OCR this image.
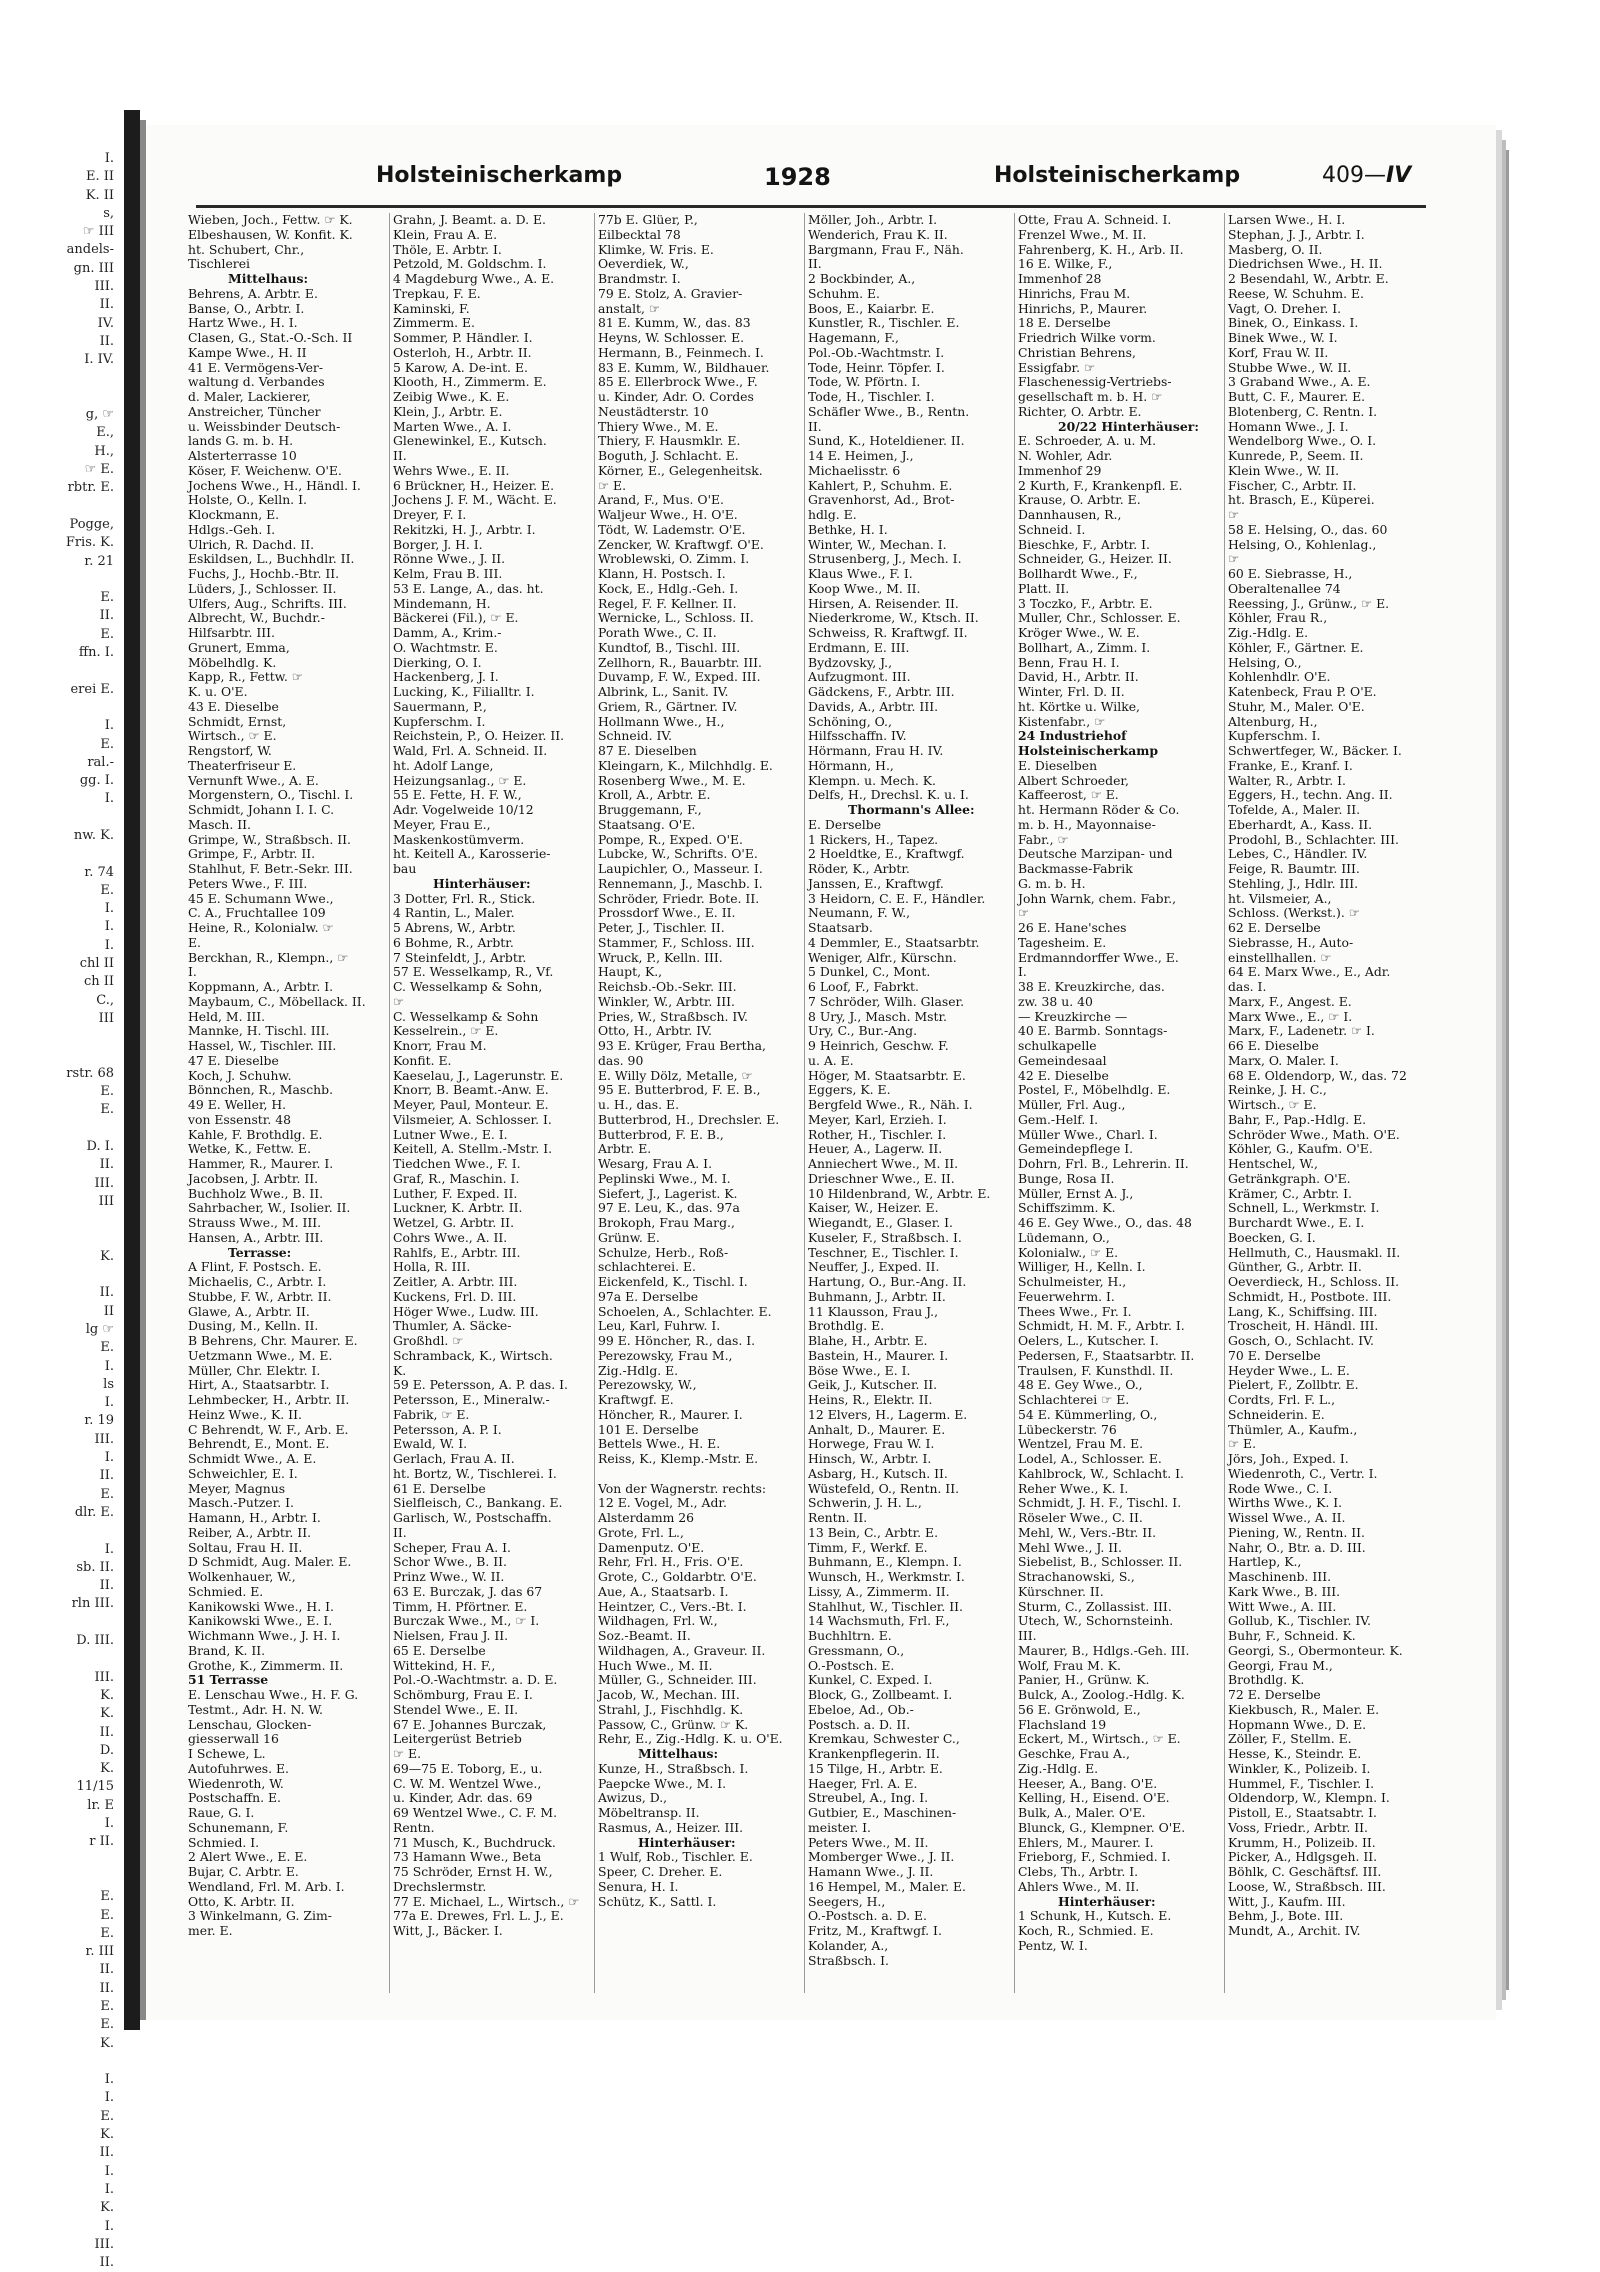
I.
E. II
K. II
s,
☞ III
andels-
gn. III
III.
II.
IV.
II.
I. IV.

g, ☞
E.,
H.,
☞ E.
rbtr. E.

Pogge,
Fris. K.
r. 21

E.
II.
E.
ffn. I.

erei E.

I.
E.
ral.-
gg. I.
I.

nw. K.

r. 74
E.
I.
I.
I.
chl II
ch II
C.,
III

rstr. 68
E.
E.

D. I.
II.
III.
III

K.

II.
II
lg ☞
E.
I.
ls
I.
r. 19
III.
I.
II.
E.
dlr. E.

I.
sb. II.
II.
rln III.

D. III.

III.
K.
K.
II.
D.
K.
11/15
lr. E
I.
r II.

E.
E.
E.
r. III
II.
II.
E.
E.
K.

I.
I.
E.
K.
II.
I.
I.
K.
I.
III.
II.
Holsteinischerkamp	1928	Holsteinischerkamp	409—IV
Wieben, Joch., Fettw. ☞ K.
Elbeshausen, W. Konfit. K.
ht. Schubert, Chr.,
Tischlerei
Mittelhaus:
Behrens, A. Arbtr. E.
Banse, O., Arbtr. I.
Hartz Wwe., H. I.
Clasen, G., Stat.-O.-Sch. II
Kampe Wwe., H. II
41 E. Vermögens-Ver-
waltung d. Verbandes
d. Maler, Lackierer,
Anstreicher, Tüncher
u. Weissbinder Deutsch-
lands G. m. b. H.
Alsterterrasse 10
Köser, F. Weichenw. O'E.
Jochens Wwe., H., Händl. I.
Holste, O., Kelln. I.
Klockmann, E.
Hdlgs.-Geh. I.
Ulrich, R. Dachd. II.
Eskildsen, L., Buchhdlr. II.
Fuchs, J., Hochb.-Btr. II.
Lüders, J., Schlosser. II.
Ulfers, Aug., Schrifts. III.
Albrecht, W., Buchdr.-
Hilfsarbtr. III.
Grunert, Emma,
Möbelhdlg. K.
Kapp, R., Fettw. ☞
K. u. O'E.
43 E. Dieselbe
Schmidt, Ernst,
Wirtsch., ☞ E.
Rengstorf, W.
Theaterfriseur E.
Vernunft Wwe., A. E.
Morgenstern, O., Tischl. I.
Schmidt, Johann I. I. C.
Masch. II.
Grimpe, W., Straßbsch. II.
Grimpe, F., Arbtr. II.
Stahlhut, F. Betr.-Sekr. III.
Peters Wwe., F. III.
45 E. Schumann Wwe.,
C. A., Fruchtallee 109
Heine, R., Kolonialw. ☞
E.
Berckhan, R., Klempn., ☞
I.
Koppmann, A., Arbtr. I.
Maybaum, C., Möbellack. II.
Held, M. III.
Mannke, H. Tischl. III.
Hassel, W., Tischler. III.
47 E. Dieselbe
Koch, J. Schuhw.
Bönnchen, R., Maschb.
49 E. Weller, H.
von Essenstr. 48
Kahle, F. Brothdlg. E.
Wetke, K., Fettw. E.
Hammer, R., Maurer. I.
Jacobsen, J. Arbtr. II.
Buchholz Wwe., B. II.
Sahrbacher, W., Isolier. II.
Strauss Wwe., M. III.
Hansen, A., Arbtr. III.
Terrasse:
A Flint, F. Postsch. E.
Michaelis, C., Arbtr. I.
Stubbe, F. W., Arbtr. II.
Glawe, A., Arbtr. II.
Dusing, M., Kelln. II.
B Behrens, Chr. Maurer. E.
Uetzmann Wwe., M. E.
Müller, Chr. Elektr. I.
Hirt, A., Staatsarbtr. I.
Lehmbecker, H., Arbtr. II.
Heinz Wwe., K. II.
C Behrendt, W. F., Arb. E.
Behrendt, E., Mont. E.
Schmidt Wwe., A. E.
Schweichler, E. I.
Meyer, Magnus
Masch.-Putzer. I.
Hamann, H., Arbtr. I.
Reiber, A., Arbtr. II.
Soltau, Frau H. II.
D Schmidt, Aug. Maler. E.
Wolkenhauer, W.,
Schmied. E.
Kanikowski Wwe., H. I.
Kanikowski Wwe., E. I.
Wichmann Wwe., J. H. I.
Brand, K. II.
Grothe, K., Zimmerm. II.
51 Terrasse
E. Lenschau Wwe., H. F. G.
Testmt., Adr. H. N. W.
Lenschau, Glocken-
giesserwall 16
I Schewe, L.
Autofuhrwes. E.
Wiedenroth, W.
Postschaffn. E.
Raue, G. I.
Schunemann, F.
Schmied. I.
2 Alert Wwe., E. E.
Bujar, C. Arbtr. E.
Wendland, Frl. M. Arb. I.
Otto, K. Arbtr. II.
3 Winkelmann, G. Zim-
mer. E.
Grahn, J. Beamt. a. D. E.
Klein, Frau A. E.
Thöle, E. Arbtr. I.
Petzold, M. Goldschm. I.
4 Magdeburg Wwe., A. E.
Trepkau, F. E.
Kaminski, F.
Zimmerm. E.
Sommer, P. Händler. I.
Osterloh, H., Arbtr. II.
5 Karow, A. De-int. E.
Klooth, H., Zimmerm. E.
Zeibig Wwe., K. E.
Klein, J., Arbtr. E.
Marten Wwe., A. I.
Glenewinkel, E., Kutsch.
II.
Wehrs Wwe., E. II.
6 Brückner, H., Heizer. E.
Jochens J. F. M., Wächt. E.
Dreyer, F. I.
Rekitzki, H. J., Arbtr. I.
Borger, J. H. I.
Rönne Wwe., J. II.
Kelm, Frau B. III.
53 E. Lange, A., das. ht.
Mindemann, H.
Bäckerei (Fil.), ☞ E.
Damm, A., Krim.-
O. Wachtmstr. E.
Dierking, O. I.
Hackenberg, J. I.
Lucking, K., Filialltr. I.
Sauermann, P.,
Kupferschm. I.
Reichstein, P., O. Heizer. II.
Wald, Frl. A. Schneid. II.
ht. Adolf Lange,
Heizungsanlag., ☞ E.
55 E. Fette, H. F. W.,
Adr. Vogelweide 10/12
Meyer, Frau E.,
Maskenkostümverm.
ht. Keitell A., Karosserie-
bau
Hinterhäuser:
3 Dotter, Frl. R., Stick.
4 Rantin, L., Maler.
5 Abrens, W., Arbtr.
6 Bohme, R., Arbtr.
7 Steinfeldt, J., Arbtr.
57 E. Wesselkamp, R., Vf.
C. Wesselkamp & Sohn,
☞
C. Wesselkamp & Sohn
Kesselrein., ☞ E.
Knorr, Frau M.
Konfit. E.
Kaeselau, J., Lagerunstr. E.
Knorr, B. Beamt.-Anw. E.
Meyer, Paul, Monteur. E.
Vilsmeier, A. Schlosser. I.
Lutner Wwe., E. I.
Keitell, A. Stellm.-Mstr. I.
Tiedchen Wwe., F. I.
Graf, R., Maschin. I.
Luther, F. Exped. II.
Luckner, K. Arbtr. II.
Wetzel, G. Arbtr. II.
Cohrs Wwe., A. II.
Rahlfs, E., Arbtr. III.
Holla, R. III.
Zeitler, A. Arbtr. III.
Kuckens, Frl. D. III.
Höger Wwe., Ludw. III.
Thumler, A. Säcke-
Großhdl. ☞
Schramback, K., Wirtsch.
K.
59 E. Petersson, A. P. das. I.
Petersson, E., Mineralw.-
Fabrik, ☞ E.
Petersson, A. P. I.
Ewald, W. I.
Gerlach, Frau A. II.
ht. Bortz, W., Tischlerei. I.
61 E. Derselbe
Sielfleisch, C., Bankang. E.
Garlisch, W., Postschaffn.
II.
Scheper, Frau A. I.
Schor Wwe., B. II.
Prinz Wwe., W. II.
63 E. Burczak, J. das 67
Timm, H. Pförtner. E.
Burczak Wwe., M., ☞ I.
Nielsen, Frau J. II.
65 E. Derselbe
Wittekind, H. F.,
Pol.-O.-Wachtmstr. a. D. E.
Schömburg, Frau E. I.
Stendel Wwe., E. II.
67 E. Johannes Burczak,
Leitergerüst Betrieb
☞ E.
69—75 E. Toborg, E., u.
C. W. M. Wentzel Wwe.,
u. Kinder, Adr. das. 69
69 Wentzel Wwe., C. F. M.
Rentn.
71 Musch, K., Buchdruck.
73 Hamann Wwe., Beta
75 Schröder, Ernst H. W.,
Drechslermstr.
77 E. Michael, L., Wirtsch., ☞
77a E. Drewes, Frl. L. J., E.
Witt, J., Bäcker. I.
77b E. Glüer, P.,
Eilbecktal 78
Klimke, W. Fris. E.
Oeverdiek, W.,
Brandmstr. I.
79 E. Stolz, A. Gravier-
anstalt, ☞
81 E. Kumm, W., das. 83
Heyns, W. Schlosser. E.
Hermann, B., Feinmech. I.
83 E. Kumm, W., Bildhauer.
85 E. Ellerbrock Wwe., F.
u. Kinder, Adr. O. Cordes
Neustädterstr. 10
Thiery Wwe., M. E.
Thiery, F. Hausmklr. E.
Boguth, J. Schlacht. E.
Körner, E., Gelegenheitsk.
☞ E.
Arand, F., Mus. O'E.
Waljeur Wwe., H. O'E.
Tödt, W. Lademstr. O'E.
Zencker, W. Kraftwgf. O'E.
Wroblewski, O. Zimm. I.
Klann, H. Postsch. I.
Kock, E., Hdlg.-Geh. I.
Regel, F. F. Kellner. II.
Wernicke, L., Schloss. II.
Porath Wwe., C. II.
Kundtof, B., Tischl. III.
Zellhorn, R., Bauarbtr. III.
Duvamp, F. W., Exped. III.
Albrink, L., Sanit. IV.
Griem, R., Gärtner. IV.
Hollmann Wwe., H.,
Schneid. IV.
87 E. Dieselben
Kleingarn, K., Milchhdlg. E.
Rosenberg Wwe., M. E.
Kroll, A., Arbtr. E.
Bruggemann, F.,
Staatsang. O'E.
Pompe, R., Exped. O'E.
Lubcke, W., Schrifts. O'E.
Laupichler, O., Masseur. I.
Rennemann, J., Maschb. I.
Schröder, Friedr. Bote. II.
Prossdorf Wwe., E. II.
Peter, J., Tischler. II.
Stammer, F., Schloss. III.
Wruck, P., Kelln. III.
Haupt, K.,
Reichsb.-Ob.-Sekr. III.
Winkler, W., Arbtr. III.
Pries, W., Straßbsch. IV.
Otto, H., Arbtr. IV.
93 E. Krüger, Frau Bertha,
das. 90
E. Willy Dölz, Metalle, ☞
95 E. Butterbrod, F. E. B.,
u. H., das. E.
Butterbrod, H., Drechsler. E.
Butterbrod, F. E. B.,
Arbtr. E.
Wesarg, Frau A. I.
Peplinski Wwe., M. I.
Siefert, J., Lagerist. K.
97 E. Leu, K., das. 97a
Brokoph, Frau Marg.,
Grünw. E.
Schulze, Herb., Roß-
schlachterei. E.
Eickenfeld, K., Tischl. I.
97a E. Derselbe
Schoelen, A., Schlachter. E.
Leu, Karl, Fuhrw. I.
99 E. Höncher, R., das. I.
Perezowsky, Frau M.,
Zig.-Hdlg. E.
Perezowsky, W.,
Kraftwgf. E.
Höncher, R., Maurer. I.
101 E. Derselbe
Bettels Wwe., H. E.
Reiss, K., Klemp.-Mstr. E.

Von der Wagnerstr. rechts:
12 E. Vogel, M., Adr.
Alsterdamm 26
Grote, Frl. L.,
Damenputz. O'E.
Rehr, Frl. H., Fris. O'E.
Grote, C., Goldarbtr. O'E.
Aue, A., Staatsarb. I.
Heintzer, C., Vers.-Bt. I.
Wildhagen, Frl. W.,
Soz.-Beamt. II.
Wildhagen, A., Graveur. II.
Huch Wwe., M. II.
Müller, G., Schneider. III.
Jacob, W., Mechan. III.
Strahl, J., Fischhdlg. K.
Passow, C., Grünw. ☞ K.
Rehr, E., Zig.-Hdlg. K. u. O'E.
Mittelhaus:
Kunze, H., Straßbsch. I.
Paepcke Wwe., M. I.
Awizus, D.,
Möbeltransp. II.
Rasmus, A., Heizer. III.
Hinterhäuser:
1 Wulf, Rob., Tischler. E.
Speer, C. Dreher. E.
Senura, H. I.
Schütz, K., Sattl. I.
Möller, Joh., Arbtr. I.
Wenderich, Frau K. II.
Bargmann, Frau F., Näh.
II.
2 Bockbinder, A.,
Schuhm. E.
Boos, E., Kaiarbr. E.
Kunstler, R., Tischler. E.
Hagemann, F.,
Pol.-Ob.-Wachtmstr. I.
Tode, Heinr. Töpfer. I.
Tode, W. Pförtn. I.
Tode, H., Tischler. I.
Schäfler Wwe., B., Rentn.
II.
Sund, K., Hoteldiener. II.
14 E. Heimen, J.,
Michaelisstr. 6
Kahlert, P., Schuhm. E.
Gravenhorst, Ad., Brot-
hdlg. E.
Bethke, H. I.
Winter, W., Mechan. I.
Strusenberg, J., Mech. I.
Klaus Wwe., F. I.
Koop Wwe., M. II.
Hirsen, A. Reisender. II.
Niederkrome, W., Ktsch. II.
Schweiss, R. Kraftwgf. II.
Erdmann, E. III.
Bydzovsky, J.,
Aufzugmont. III.
Gädckens, F., Arbtr. III.
Davids, A., Arbtr. III.
Schöning, O.,
Hilfsschaffn. IV.
Hörmann, Frau H. IV.
Hörmann, H.,
Klempn. u. Mech. K.
Delfs, H., Drechsl. K. u. I.
Thormann's Allee:
E. Derselbe
1 Rickers, H., Tapez.
2 Hoeldtke, E., Kraftwgf.
Röder, K., Arbtr.
Janssen, E., Kraftwgf.
3 Heidorn, C. E. F., Händler.
Neumann, F. W.,
Staatsarb.
4 Demmler, E., Staatsarbtr.
Weniger, Alfr., Kürschn.
5 Dunkel, C., Mont.
6 Loof, F., Fabrkt.
7 Schröder, Wilh. Glaser.
8 Ury, J., Masch. Mstr.
Ury, C., Bur.-Ang.
9 Heinrich, Geschw. F.
u. A. E.
Höger, M. Staatsarbtr. E.
Eggers, K. E.
Bergfeld Wwe., R., Näh. I.
Meyer, Karl, Erzieh. I.
Rother, H., Tischler. I.
Heuer, A., Lagerw. II.
Anniechert Wwe., M. II.
Drieschner Wwe., E. II.
10 Hildenbrand, W., Arbtr. E.
Kaiser, W., Heizer. E.
Wiegandt, E., Glaser. I.
Kuseler, F., Straßbsch. I.
Teschner, E., Tischler. I.
Neuffer, J., Exped. II.
Hartung, O., Bur.-Ang. II.
Buhmann, J., Arbtr. II.
11 Klausson, Frau J.,
Brothdlg. E.
Blahe, H., Arbtr. E.
Bastein, H., Maurer. I.
Böse Wwe., E. I.
Geik, J., Kutscher. II.
Heins, R., Elektr. II.
12 Elvers, H., Lagerm. E.
Anhalt, D., Maurer. E.
Horwege, Frau W. I.
Hinsch, W., Arbtr. I.
Asbarg, H., Kutsch. II.
Wüstefeld, O., Rentn. II.
Schwerin, J. H. L.,
Rentn. II.
13 Bein, C., Arbtr. E.
Timm, F., Werkf. E.
Buhmann, E., Klempn. I.
Wunsch, H., Werkmstr. I.
Lissy, A., Zimmerm. II.
Stahlhut, W., Tischler. II.
14 Wachsmuth, Frl. F.,
Buchhltrn. E.
Gressmann, O.,
O.-Postsch. E.
Kunkel, C. Exped. I.
Block, G., Zollbeamt. I.
Ebeloe, Ad., Ob.-
Postsch. a. D. II.
Kremkau, Schwester C.,
Krankenpflegerin. II.
15 Tilge, H., Arbtr. E.
Haeger, Frl. A. E.
Streubel, A., Ing. I.
Gutbier, E., Maschinen-
meister. I.
Peters Wwe., M. II.
Momberger Wwe., J. II.
Hamann Wwe., J. II.
16 Hempel, M., Maler. E.
Seegers, H.,
O.-Postsch. a. D. E.
Fritz, M., Kraftwgf. I.
Kolander, A.,
Straßbsch. I.
Otte, Frau A. Schneid. I.
Frenzel Wwe., M. II.
Fahrenberg, K. H., Arb. II.
16 E. Wilke, F.,
Immenhof 28
Hinrichs, Frau M.
Hinrichs, P., Maurer.
18 E. Derselbe
Friedrich Wilke vorm.
Christian Behrens,
Essigfabr. ☞
Flaschenessig-Vertriebs-
gesellschaft m. b. H. ☞
Richter, O. Arbtr. E.
20/22 Hinterhäuser:
E. Schroeder, A. u. M.
N. Wohler, Adr.
Immenhof 29
2 Kurth, F., Krankenpfl. E.
Krause, O. Arbtr. E.
Dannhausen, R.,
Schneid. I.
Bieschke, F., Arbtr. I.
Schneider, G., Heizer. II.
Bollhardt Wwe., F.,
Platt. II.
3 Toczko, F., Arbtr. E.
Muller, Chr., Schlosser. E.
Kröger Wwe., W. E.
Bollhart, A., Zimm. I.
Benn, Frau H. I.
David, H., Arbtr. II.
Winter, Frl. D. II.
ht. Körtke u. Wilke,
Kistenfabr., ☞
24 Industriehof
Holsteinischerkamp
E. Dieselben
Albert Schroeder,
Kaffeerost, ☞ E.
ht. Hermann Röder & Co.
m. b. H., Mayonnaise-
Fabr., ☞
Deutsche Marzipan- und
Backmasse-Fabrik
G. m. b. H.
John Warnk, chem. Fabr.,
☞
26 E. Hane'sches
Tagesheim. E.
Erdmanndorffer Wwe., E.
I.
38 E. Kreuzkirche, das.
zw. 38 u. 40
— Kreuzkirche —
40 E. Barmb. Sonntags-
schulkapelle
Gemeindesaal
42 E. Dieselbe
Postel, F., Möbelhdlg. E.
Müller, Frl. Aug.,
Gem.-Helf. I.
Müller Wwe., Charl. I.
Gemeindepflege I.
Dohrn, Frl. B., Lehrerin. II.
Bunge, Rosa II.
Müller, Ernst A. J.,
Schiffszimm. K.
46 E. Gey Wwe., O., das. 48
Lüdemann, O.,
Kolonialw., ☞ E.
Williger, H., Kelln. I.
Schulmeister, H.,
Feuerwehrm. I.
Thees Wwe., Fr. I.
Schmidt, H. M. F., Arbtr. I.
Oelers, L., Kutscher. I.
Pedersen, F., Staatsarbtr. II.
Traulsen, F. Kunsthdl. II.
48 E. Gey Wwe., O.,
Schlachterei ☞ E.
54 E. Kümmerling, O.,
Lübeckerstr. 76
Wentzel, Frau M. E.
Lodel, A., Schlosser. E.
Kahlbrock, W., Schlacht. I.
Reher Wwe., K. I.
Schmidt, J. H. F., Tischl. I.
Röseler Wwe., C. II.
Mehl, W., Vers.-Btr. II.
Mehl Wwe., J. II.
Siebelist, B., Schlosser. II.
Strachanowski, S.,
Kürschner. II.
Sturm, C., Zollassist. III.
Utech, W., Schornsteinh.
III.
Maurer, B., Hdlgs.-Geh. III.
Wolf, Frau M. K.
Panier, H., Grünw. K.
Bulck, A., Zoolog.-Hdlg. K.
56 E. Grönwold, E.,
Flachsland 19
Eckert, M., Wirtsch., ☞ E.
Geschke, Frau A.,
Zig.-Hdlg. E.
Heeser, A., Bang. O'E.
Kelling, H., Eisend. O'E.
Bulk, A., Maler. O'E.
Blunck, G., Klempner. O'E.
Ehlers, M., Maurer. I.
Frieborg, F., Schmied. I.
Clebs, Th., Arbtr. I.
Ahlers Wwe., M. II.
Hinterhäuser:
1 Schunk, H., Kutsch. E.
Koch, R., Schmied. E.
Pentz, W. I.
Larsen Wwe., H. I.
Stephan, J. J., Arbtr. I.
Masberg, O. II.
Diedrichsen Wwe., H. II.
2 Besendahl, W., Arbtr. E.
Reese, W. Schuhm. E.
Vagt, O. Dreher. I.
Binek, O., Einkass. I.
Binek Wwe., W. I.
Korf, Frau W. II.
Stubbe Wwe., W. II.
3 Graband Wwe., A. E.
Butt, C. F., Maurer. E.
Blotenberg, C. Rentn. I.
Homann Wwe., J. I.
Wendelborg Wwe., O. I.
Kunrede, P., Seem. II.
Klein Wwe., W. II.
Fischer, C., Arbtr. II.
ht. Brasch, E., Küperei.
☞
58 E. Helsing, O., das. 60
Helsing, O., Kohlenlag.,
☞
60 E. Siebrasse, H.,
Oberaltenallee 74
Reessing, J., Grünw., ☞ E.
Köhler, Frau R.,
Zig.-Hdlg. E.
Köhler, F., Gärtner. E.
Helsing, O.,
Kohlenhdlr. O'E.
Katenbeck, Frau P. O'E.
Stuhr, M., Maler. O'E.
Altenburg, H.,
Kupferschm. I.
Schwertfeger, W., Bäcker. I.
Franke, E., Kranf. I.
Walter, R., Arbtr. I.
Eggers, H., techn. Ang. II.
Tofelde, A., Maler. II.
Eberhardt, A., Kass. II.
Prodohl, B., Schlachter. III.
Lebes, C., Händler. IV.
Feige, R. Baumtr. III.
Stehling, J., Hdlr. III.
ht. Vilsmeier, A.,
Schloss. (Werkst.). ☞
62 E. Derselbe
Siebrasse, H., Auto-
einstellhallen. ☞
64 E. Marx Wwe., E., Adr.
das. I.
Marx, F., Angest. E.
Marx Wwe., E., ☞ I.
Marx, F., Ladenetr. ☞ I.
66 E. Dieselbe
Marx, O. Maler. I.
68 E. Oldendorp, W., das. 72
Reinke, J. H. C.,
Wirtsch., ☞ E.
Bahr, F., Pap.-Hdlg. E.
Schröder Wwe., Math. O'E.
Köhler, G., Kaufm. O'E.
Hentschel, W.,
Getränkgraph. O'E.
Krämer, C., Arbtr. I.
Schnell, L., Werkmstr. I.
Burchardt Wwe., E. I.
Boecken, G. I.
Hellmuth, C., Hausmakl. II.
Günther, G., Arbtr. II.
Oeverdieck, H., Schloss. II.
Schmidt, H., Postbote. III.
Lang, K., Schiffsing. III.
Troscheit, H. Händl. III.
Gosch, O., Schlacht. IV.
70 E. Derselbe
Heyder Wwe., L. E.
Pielert, F., Zollbtr. E.
Cordts, Frl. F. L.,
Schneiderin. E.
Thümler, A., Kaufm.,
☞ E.
Jörs, Joh., Exped. I.
Wiedenroth, C., Vertr. I.
Rode Wwe., C. I.
Wirths Wwe., K. I.
Wissel Wwe., A. II.
Piening, W., Rentn. II.
Nahr, O., Btr. a. D. III.
Hartlep, K.,
Maschinenb. III.
Kark Wwe., B. III.
Witt Wwe., A. III.
Gollub, K., Tischler. IV.
Buhr, F., Schneid. K.
Georgi, S., Obermonteur. K.
Georgi, Frau M.,
Brothdlg. K.
72 E. Derselbe
Kiekbusch, R., Maler. E.
Hopmann Wwe., D. E.
Zöller, F., Stellm. E.
Hesse, K., Steindr. E.
Winkler, K., Polizeib. I.
Hummel, F., Tischler. I.
Oldendorp, W., Klempn. I.
Pistoll, E., Staatsabtr. I.
Voss, Friedr., Arbtr. II.
Krumm, H., Polizeib. II.
Picker, A., Hdlgsgeh. II.
Böhlk, C. Geschäftsf. III.
Loose, W., Straßbsch. III.
Witt, J., Kaufm. III.
Behm, J., Bote. III.
Mundt, A., Archit. IV.
